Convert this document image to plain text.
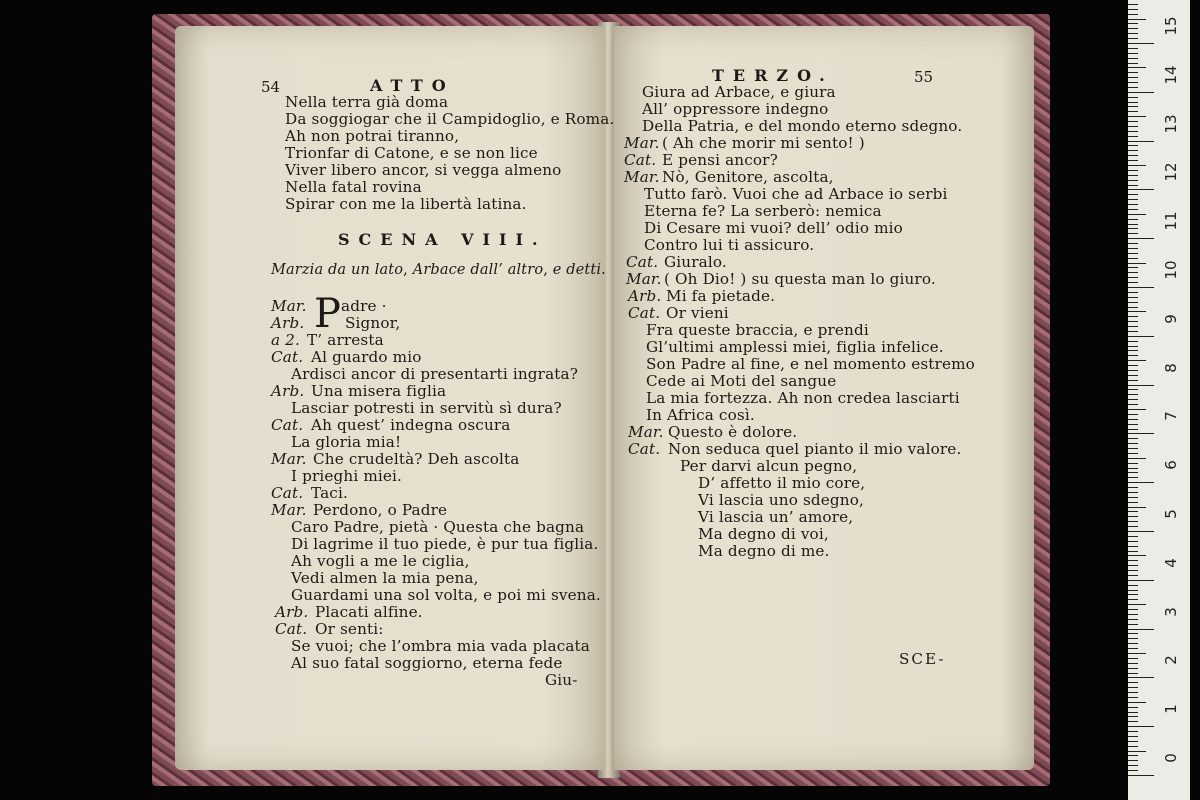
54	ATTO
Nella terra già doma
Da soggiogar che il Campidoglio, e Roma.
Ah non potrai tiranno,
Trionfar di Catone, e se non lice
Viver libero ancor, si vegga almeno
Nella fatal rovina
Spirar con me la libertà latina.
SCENA VIII.
Marzia da un lato, Arbace dall’ altro, e detti.
P
Mar. adre ·
Arb.	Signor,
a 2. T’ arresta
Cat. Al guardo mio
Ardisci ancor di presentarti ingrata?
Arb. Una misera figlia
Lasciar potresti in servitù sì dura?
Cat. Ah quest’ indegna oscura
La gloria mia!
Mar. Che crudeltà? Deh ascolta
I prieghi miei.
Cat. Taci.
Mar. Perdono, o Padre
Caro Padre, pietà · Questa che bagna
Di lagrime il tuo piede, è pur tua figlia.
Ah vogli a me le ciglia,
Vedi almen la mia pena,
Guardami una sol volta, e poi mi svena.
Arb. Placati alfine.
Cat. Or senti:
Se vuoi; che l’ombra mia vada placata
Al suo fatal soggiorno, eterna fede
Giu-
TERZO.	55
Giura ad Arbace, e giura
All’ oppressore indegno
Della Patria, e del mondo eterno sdegno.
Mar. ( Ah che morir mi sento! )
Cat. E pensi ancor?
Mar. Nò, Genitore, ascolta,
Tutto farò. Vuoi che ad Arbace io serbi
Eterna fe? La serberò: nemica
Di Cesare mi vuoi? dell’ odio mio
Contro lui ti assicuro.
Cat. Giuralo.
Mar. ( Oh Dio! ) su questa man lo giuro.
Arb. Mi fa pietade.
Cat. Or vieni
Fra queste braccia, e prendi
Gl’ultimi amplessi miei, figlia infelice.
Son Padre al fine, e nel momento estremo
Cede ai Moti del sangue
La mia fortezza. Ah non credea lasciarti
In Africa così.
Mar. Questo è dolore.
Cat. Non seduca quel pianto il mio valore.
Per darvi alcun pegno,
D’ affetto il mio core,
Vi lascia uno sdegno,
Vi lascia un’ amore,
Ma degno di voi,
Ma degno di me.
SCE-
0
1
2
3
4
5
6
7
8
9
10
11
12
13
14
15
